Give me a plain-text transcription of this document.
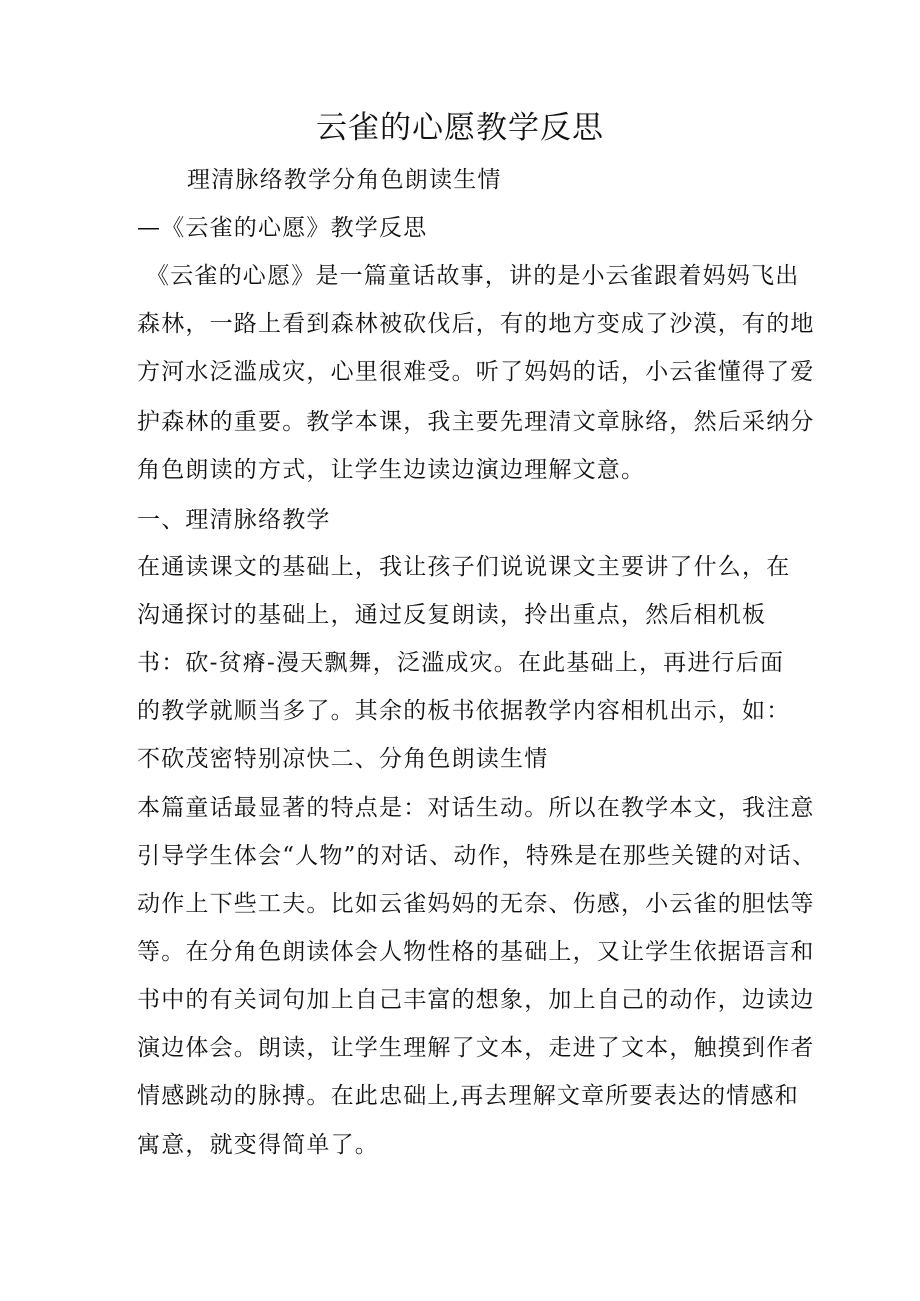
云雀的心愿教学反思

理清脉络教学分角色朗读生情

—《云雀的心愿》教学反思

《云雀的心愿》是一篇童话故事，讲的是小云雀跟着妈妈飞出

森林，一路上看到森林被砍伐后，有的地方变成了沙漠，有的地

方河水泛滥成灾，心里很难受。听了妈妈的话，小云雀懂得了爱

护森林的重要。教学本课，我主要先理清文章脉络，然后采纳分

角色朗读的方式，让学生边读边演边理解文意。

一、理清脉络教学

在通读课文的基础上，我让孩子们说说课文主要讲了什么，在

沟通探讨的基础上，通过反复朗读，拎出重点，然后相机板

书：砍-贫瘠-漫天飘舞，泛滥成灾。在此基础上，再进行后面

的教学就顺当多了。其余的板书依据教学内容相机出示，如：

不砍茂密特别凉快二、分角色朗读生情

本篇童话最显著的特点是：对话生动。所以在教学本文，我注意

引导学生体会“人物”的对话、动作，特殊是在那些关键的对话、

动作上下些工夫。比如云雀妈妈的无奈、伤感，小云雀的胆怯等

等。在分角色朗读体会人物性格的基础上，又让学生依据语言和

书中的有关词句加上自己丰富的想象，加上自己的动作，边读边

演边体会。朗读，让学生理解了文本，走进了文本，触摸到作者

情感跳动的脉搏。在此忠础上,再去理解文章所要表达的情感和

寓意，就变得简单了。
